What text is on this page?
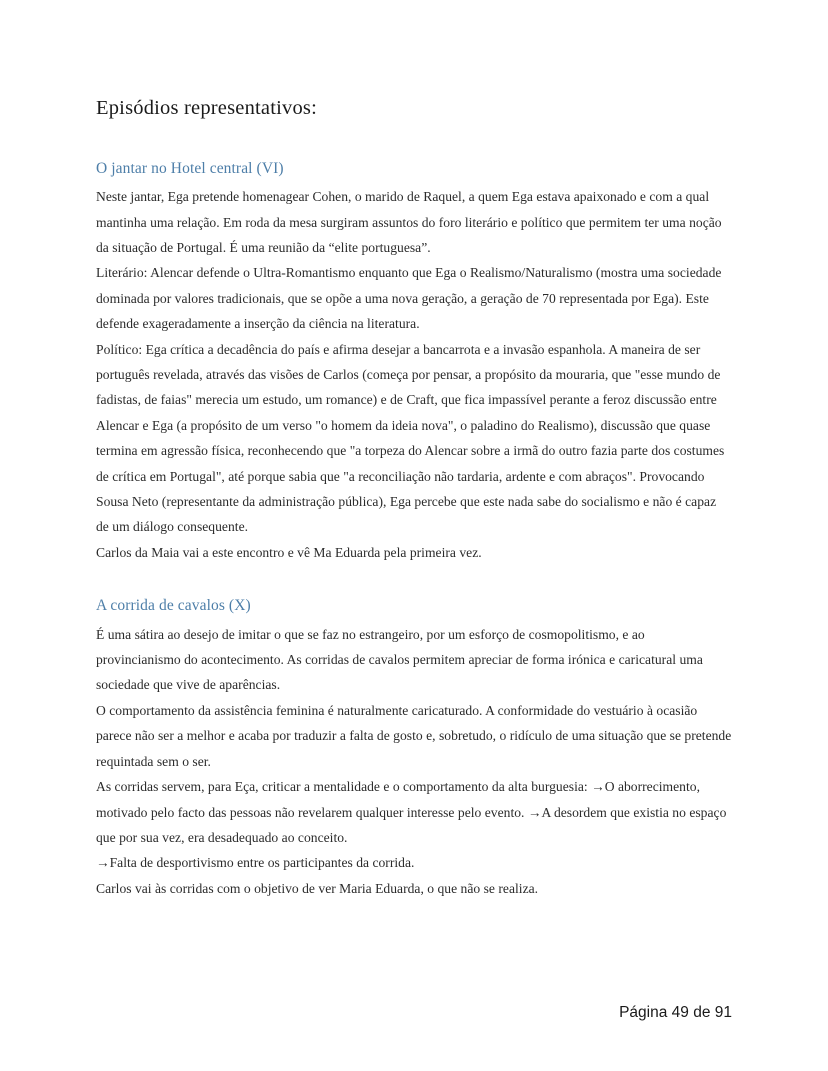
Episódios representativos:
O jantar no Hotel central (VI)

Neste jantar, Ega pretende homenagear Cohen, o marido de Raquel, a quem Ega estava apaixonado e com a qual mantinha uma relação. Em roda da mesa surgiram assuntos do foro literário e político que permitem ter uma noção da situação de Portugal. É uma reunião da “elite portuguesa”.

Literário: Alencar defende o Ultra-Romantismo enquanto que Ega o Realismo/Naturalismo (mostra uma sociedade dominada por valores tradicionais, que se opõe a uma nova geração, a geração de 70 representada por Ega). Este defende exageradamente a inserção da ciência na literatura.

Político: Ega crítica a decadência do país e afirma desejar a bancarrota e a invasão espanhola. A maneira de ser português revelada, através das visões de Carlos (começa por pensar, a propósito da mouraria, que "esse mundo de fadistas, de faias" merecia um estudo, um romance) e de Craft, que fica impassível perante a feroz discussão entre Alencar e Ega (a propósito de um verso "o homem da ideia nova", o paladino do Realismo), discussão que quase termina em agressão física, reconhecendo que "a torpeza do Alencar sobre a irmã do outro fazia parte dos costumes de crítica em Portugal", até porque sabia que "a reconciliação não tardaria, ardente e com abraços". Provocando Sousa Neto (representante da administração pública), Ega percebe que este nada sabe do socialismo e não é capaz de um diálogo consequente.

Carlos da Maia vai a este encontro e vê Ma Eduarda pela primeira vez.

A corrida de cavalos (X)

É uma sátira ao desejo de imitar o que se faz no estrangeiro, por um esforço de cosmopolitismo, e ao provincianismo do acontecimento. As corridas de cavalos permitem apreciar de forma irónica e caricatural uma sociedade que vive de aparências.

O comportamento da assistência feminina é naturalmente caricaturado. A conformidade do vestuário à ocasião parece não ser a melhor e acaba por traduzir a falta de gosto e, sobretudo, o ridículo de uma situação que se pretende requintada sem o ser.

As corridas servem, para Eça, criticar a mentalidade e o comportamento da alta burguesia: →O aborrecimento, motivado pelo facto das pessoas não revelarem qualquer interesse pelo evento. →A desordem que existia no espaço que por sua vez, era desadequado ao conceito.

→Falta de desportivismo entre os participantes da corrida.

Carlos vai às corridas com o objetivo de ver Maria Eduarda, o que não se realiza.

Página 49 de 91
